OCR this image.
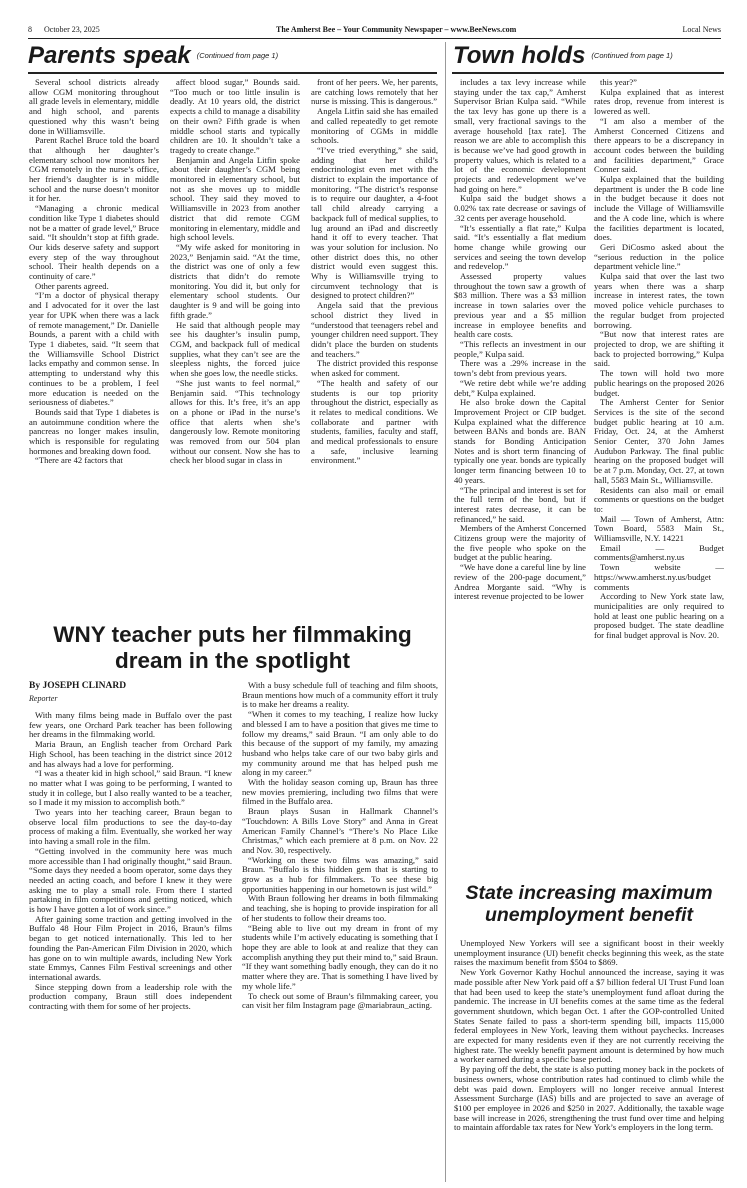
8 October 23, 2025	The Amherst Bee – Your Community Newspaper – www.BeeNews.com	Local News
Parents speak (Continued from page 1)

Several school districts already allow CGM monitoring throughout all grade levels in elementary, middle and high school, and parents questioned why this wasn’t being done in Williamsville.

Parent Rachel Bruce told the board that although her daughter’s elementary school now monitors her CGM remotely in the nurse’s office, her friend’s daughter is in middle school and the nurse doesn’t monitor it for her.

“Managing a chronic medical condition like Type 1 diabetes should not be a matter of grade level,” Bruce said. “It shouldn’t stop at fifth grade. Our kids deserve safety and support every step of the way throughout school. Their health depends on a continuity of care.”

Other parents agreed.

“I’m a doctor of physical therapy and I advocated for it over the last year for UPK when there was a lack of remote management,” Dr. Danielle Bounds, a parent with a child with Type 1 diabetes, said. “It seem that the Williamsville School District lacks empathy and common sense. In attempting to understand why this continues to be a problem, I feel more education is needed on the seriousness of diabetes.”

Bounds said that Type 1 diabetes is an autoimmune condition where the pancreas no longer makes insulin, which is responsible for regulating hormones and breaking down food.

“There are 42 factors that

affect blood sugar,” Bounds said. “Too much or too little insulin is deadly. At 10 years old, the district expects a child to manage a disability on their own? Fifth grade is when middle school starts and typically children are 10. It shouldn’t take a tragedy to create change.”

Benjamin and Angela Litfin spoke about their daughter’s CGM being monitored in elementary school, but not as she moves up to middle school. They said they moved to Williamsville in 2023 from another district that did remote CGM monitoring in elementary, middle and high school levels.

“My wife asked for monitoring in 2023,” Benjamin said. “At the time, the district was one of only a few districts that didn’t do remote monitoring. You did it, but only for elementary school students. Our daughter is 9 and will be going into fifth grade.”

He said that although people may see his daughter’s insulin pump, CGM, and backpack full of medical supplies, what they can’t see are the sleepless nights, the forced juice when she goes low, the needle sticks.

“She just wants to feel normal,” Benjamin said. “This technology allows for this. It’s free, it’s an app on a phone or iPad in the nurse’s office that alerts when she’s dangerously low. Remote monitoring was removed from our 504 plan without our consent. Now she has to check her blood sugar in class in

front of her peers. We, her parents, are catching lows remotely that her nurse is missing. This is dangerous.”

Angela Litfin said she has emailed and called repeatedly to get remote monitoring of CGMs in middle schools.

“I’ve tried everything,” she said, adding that her child’s endocrinologist even met with the district to explain the importance of monitoring. “The district’s response is to require our daughter, a 4-foot tall child already carrying a backpack full of medical supplies, to lug around an iPad and discreetly hand it off to every teacher. That was your solution for inclusion. No other district does this, no other district would even suggest this. Why is Williamsville trying to circumvent technology that is designed to protect children?”

Angela said that the previous school district they lived in “understood that teenagers rebel and younger children need support. They didn’t place the burden on students and teachers.”

The district provided this response when asked for comment.

“The health and safety of our students is our top priority throughout the district, especially as it relates to medical conditions. We collaborate and partner with students, families, faculty and staff, and medical professionals to ensure a safe, inclusive learning environment.”

Town holds (Continued from page 1)

includes a tax levy increase while staying under the tax cap,” Amherst Supervisor Brian Kulpa said. “While the tax levy has gone up there is a small, very fractional savings to the average household [tax rate]. The reason we are able to accomplish this is because we’ve had good growth in property values, which is related to a lot of the economic development projects and redevelopment we’ve had going on here.”

Kulpa said the budget shows a 0.02% tax rate decrease or savings of .32 cents per average household.

“It’s essentially a flat rate,” Kulpa said. “It’s essentially a flat medium home change while growing our services and seeing the town develop and redevelop.”

Assessed property values throughout the town saw a growth of $83 million. There was a $3 million increase in town salaries over the previous year and a $5 million increase in employee benefits and health care costs.

“This reflects an investment in our people,” Kulpa said.

There was a .29% increase in the town’s debt from previous years.

“We retire debt while we’re adding debt,” Kulpa explained.

He also broke down the Capital Improvement Project or CIP budget. Kulpa explained what the difference between BANs and bonds are. BAN stands for Bonding Anticipation Notes and is short term financing of typically one year. bonds are typically longer term financing between 10 to 40 years.

“The principal and interest is set for the full term of the bond, but if interest rates decrease, it can be refinanced,” he said.

Members of the Amherst Concerned Citizens group were the majority of the five people who spoke on the budget at the public hearing.

“We have done a careful line by line review of the 200-page document,” Andrea Morgante said. “Why is interest revenue projected to be lower

this year?”

Kulpa explained that as interest rates drop, revenue from interest is lowered as well.

“I am also a member of the Amherst Concerned Citizens and there appears to be a discrepancy in account codes between the building and facilities department,” Grace Conner said.

Kulpa explained that the building department is under the B code line in the budget because it does not include the Village of Williamsville and the A code line, which is where the facilities department is located, does.

Geri DiCosmo asked about the “serious reduction in the police department vehicle line.”

Kulpa said that over the last two years when there was a sharp increase in interest rates, the town moved police vehicle purchases to the regular budget from projected borrowing.

“But now that interest rates are projected to drop, we are shifting it back to projected borrowing,” Kulpa said.

The town will hold two more public hearings on the proposed 2026 budget.

The Amherst Center for Senior Services is the site of the second budget public hearing at 10 a.m. Friday, Oct. 24, at the Amherst Senior Center, 370 John James Audubon Parkway. The final public hearing on the proposed budget will be at 7 p.m. Monday, Oct. 27, at town hall, 5583 Main St., Williamsville.

Residents can also mail or email comments or questions on the budget to:

Mail — Town of Amherst, Attn: Town Board, 5583 Main St., Williamsville, N.Y. 14221

Email — Budget comments@amherst.ny.us

Town website — https://www.amherst.ny.us/budget comments

According to New York state law, municipalities are only required to hold at least one public hearing on a proposed budget. The state deadline for final budget approval is Nov. 20.

WNY teacher puts her filmmaking dream in the spotlight
By JOSEPH CLINARD
Reporter

With many films being made in Buffalo over the past few years, one Orchard Park teacher has been following her dreams in the filmmaking world.

Maria Braun, an English teacher from Orchard Park High School, has been teaching in the district since 2012 and has always had a love for performing.

“I was a theater kid in high school,” said Braun. “I knew no matter what I was going to be performing, I wanted to study it in college, but I also really wanted to be a teacher, so I made it my mission to accomplish both.”

Two years into her teaching career, Braun began to observe local film productions to see the day-to-day process of making a film. Eventually, she worked her way into having a small role in the film.

“Getting involved in the community here was much more accessible than I had originally thought,” said Braun. “Some days they needed a boom operator, some days they needed an acting coach, and before I knew it they were asking me to play a small role. From there I started partaking in film competitions and getting noticed, which is how I have gotten a lot of work since.”

After gaining some traction and getting involved in the Buffalo 48 Hour Film Project in 2016, Braun’s films began to get noticed internationally. This led to her founding the Pan-American Film Division in 2020, which has gone on to win multiple awards, including New York state Emmys, Cannes Film Festival screenings and other international awards.

Since stepping down from a leadership role with the production company, Braun still does independent contracting with them for some of her projects.

With a busy schedule full of teaching and film shoots, Braun mentions how much of a community effort it truly is to make her dreams a reality.

“When it comes to my teaching, I realize how lucky and blessed I am to have a position that gives me time to follow my dreams,” said Braun. “I am only able to do this because of the support of my family, my amazing husband who helps take care of our two baby girls and my community around me that has helped push me along in my career.”

With the holiday season coming up, Braun has three new movies premiering, including two films that were filmed in the Buffalo area.

Braun plays Susan in Hallmark Channel’s “Touchdown: A Bills Love Story” and Anna in Great American Family Channel’s “There’s No Place Like Christmas,” which each premiere at 8 p.m. on Nov. 22 and Nov. 30, respectively.

“Working on these two films was amazing,” said Braun. “Buffalo is this hidden gem that is starting to grow as a hub for filmmakers. To see these big opportunities happening in our hometown is just wild.”

With Braun following her dreams in both filmmaking and teaching, she is hoping to provide inspiration for all of her students to follow their dreams too.

“Being able to live out my dream in front of my students while I’m actively educating is something that I hope they are able to look at and realize that they can accomplish anything they put their mind to,” said Braun. “If they want something badly enough, they can do it no matter where they are. That is something I have lived by my whole life.”

To check out some of Braun’s filmmaking career, you can visit her film Instagram page @mariabraun_acting.

State increasing maximum unemployment benefit

Unemployed New Yorkers will see a significant boost in their weekly unemployment insurance (UI) benefit checks beginning this week, as the state raises the maximum benefit from $504 to $869.

New York Governor Kathy Hochul announced the increase, saying it was made possible after New York paid off a $7 billion federal UI Trust Fund loan that had been used to keep the state’s unemployment fund afloat during the pandemic. The increase in UI benefits comes at the same time as the federal government shutdown, which began Oct. 1 after the GOP-controlled United States Senate failed to pass a short-term spending bill, impacts 115,000 federal employees in New York, leaving them without paychecks. Increases are expected for many residents even if they are not currently receiving the highest rate. The weekly benefit payment amount is determined by how much a worker earned during a specific base period.

By paying off the debt, the state is also putting money back in the pockets of business owners, whose contribution rates had continued to climb while the debt was paid down. Employers will no longer receive annual Interest Assessment Surcharge (IAS) bills and are projected to save an average of $100 per employee in 2026 and $250 in 2027. Additionally, the taxable wage base will increase in 2026, strengthening the trust fund over time and helping to maintain affordable tax rates for New York’s employers in the long term.
